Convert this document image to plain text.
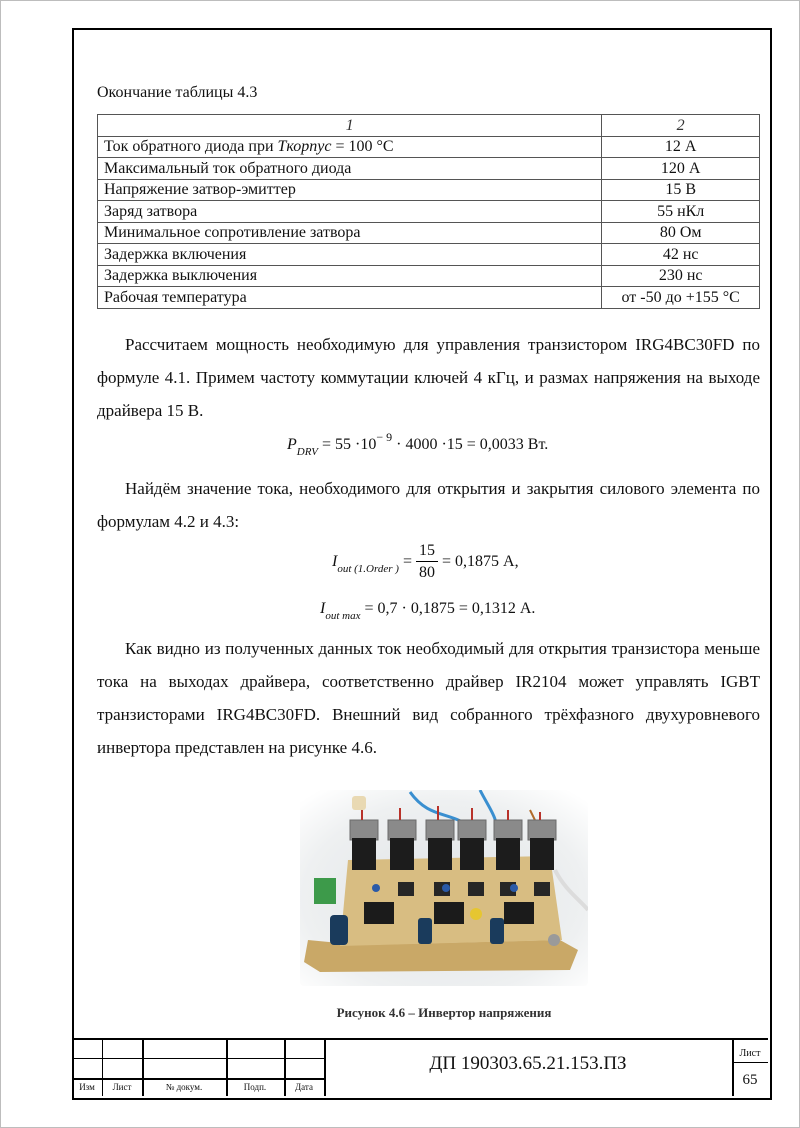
Окончание таблицы 4.3
1	2
Ток обратного диода при Tкорпус = 100 °C	12 А
Максимальный ток обратного диода	120 А
Напряжение затвор-эмиттер	15 В
Заряд затвора	55 нКл
Минимальное сопротивление затвора	80 Ом
Задержка включения	42 нс
Задержка выключения	230 нс
Рабочая температура	от -50 до +155 °С
Рассчитаем мощность необходимую для управления транзистором IRG4BC30FD по формуле 4.1. Примем частоту коммутации ключей 4 кГц, и размах напряжения на выходе драйвера 15 В.
$P_{DRV} = 55 \cdot 10^{- 9} \cdot 4000 \cdot 15 = 0,0033$ Вт.
Найдём значение тока, необходимого для открытия и закрытия силового элемента по формулам 4.2 и 4.3:
$I_{out (1.Order )} = \frac{15}{80} = 0,1875$ А,
$I_{out max} = 0,7 \cdot 0,1875 = 0,1312$ А.
Как видно из полученных данных ток необходимый для открытия транзистора меньше тока на выходах драйвера, соответственно драйвер IR2104 может управлять IGBT транзисторами IRG4BC30FD. Внешний вид собранного трёхфазного двухуровневого инвертора представлен на рисунке 4.6.
Рисунок 4.6 – Инвертор напряжения
Изм	Лист	№ докум.	Подп.	Дата
ДП 190303.65.21.153.ПЗ	Лист
65
